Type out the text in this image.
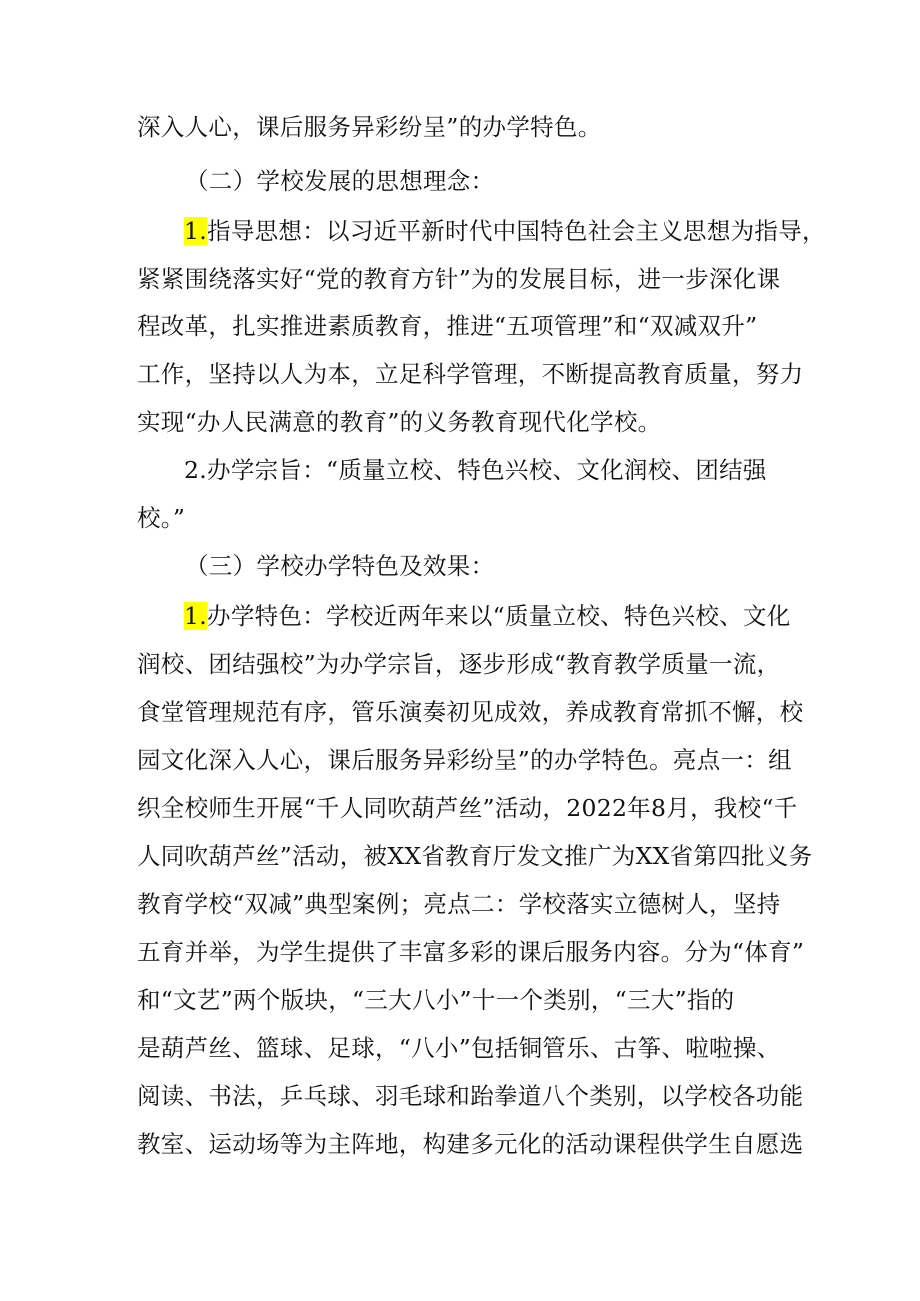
深入人心，课后服务异彩纷呈”的办学特色。
（二）学校发展的思想理念：
1.指导思想：以习近平新时代中国特色社会主义思想为指导，
紧紧围绕落实好“党的教育方针”为的发展目标，进一步深化课
程改革，扎实推进素质教育，推进“五项管理”和“双减双升”
工作，坚持以人为本，立足科学管理，不断提高教育质量，努力
实现“办人民满意的教育”的义务教育现代化学校。
2.办学宗旨：“质量立校、特色兴校、文化润校、团结强
校。”
（三）学校办学特色及效果：
1.办学特色：学校近两年来以“质量立校、特色兴校、文化
润校、团结强校”为办学宗旨，逐步形成“教育教学质量一流，
食堂管理规范有序，管乐演奏初见成效，养成教育常抓不懈，校
园文化深入人心，课后服务异彩纷呈”的办学特色。亮点一：组
织全校师生开展“千人同吹葫芦丝”活动，2022年8月，我校“千
人同吹葫芦丝”活动，被XX省教育厅发文推广为XX省第四批义务
教育学校“双减”典型案例；亮点二：学校落实立德树人，坚持
五育并举，为学生提供了丰富多彩的课后服务内容。分为“体育”
和“文艺”两个版块，“三大八小”十一个类别，“三大”指的
是葫芦丝、篮球、足球，“八小”包括铜管乐、古筝、啦啦操、
阅读、书法，乒乓球、羽毛球和跆拳道八个类别，以学校各功能
教室、运动场等为主阵地，构建多元化的活动课程供学生自愿选
